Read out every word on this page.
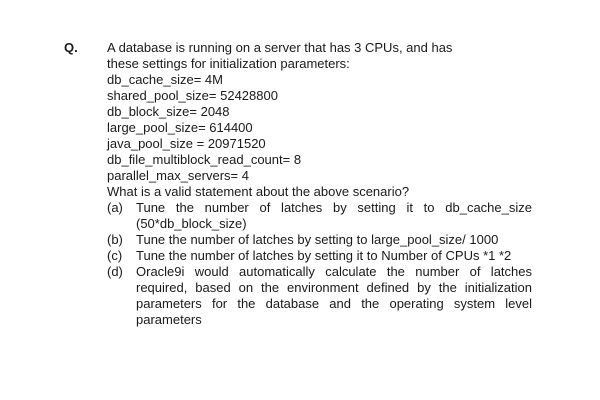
Q. A database is running on a server that has 3 CPUs, and has
these settings for initialization parameters:
db_cache_size= 4M
shared_pool_size= 52428800
db_block_size= 2048
large_pool_size= 614400
java_pool_size = 20971520
db_file_multiblock_read_count= 8
parallel_max_servers= 4
What is a valid statement about the above scenario?
(a)	Tune the number of latches by setting it to db_cache_size (50*db_block_size)
(b)	Tune the number of latches by setting to large_pool_size/ 1000
(c)	Tune the number of latches by setting it to Number of CPUs *1 *2
(d)	Oracle9i would automatically calculate the number of latches required, based on the environment defined by the initialization parameters for the database and the operating system level parameters
